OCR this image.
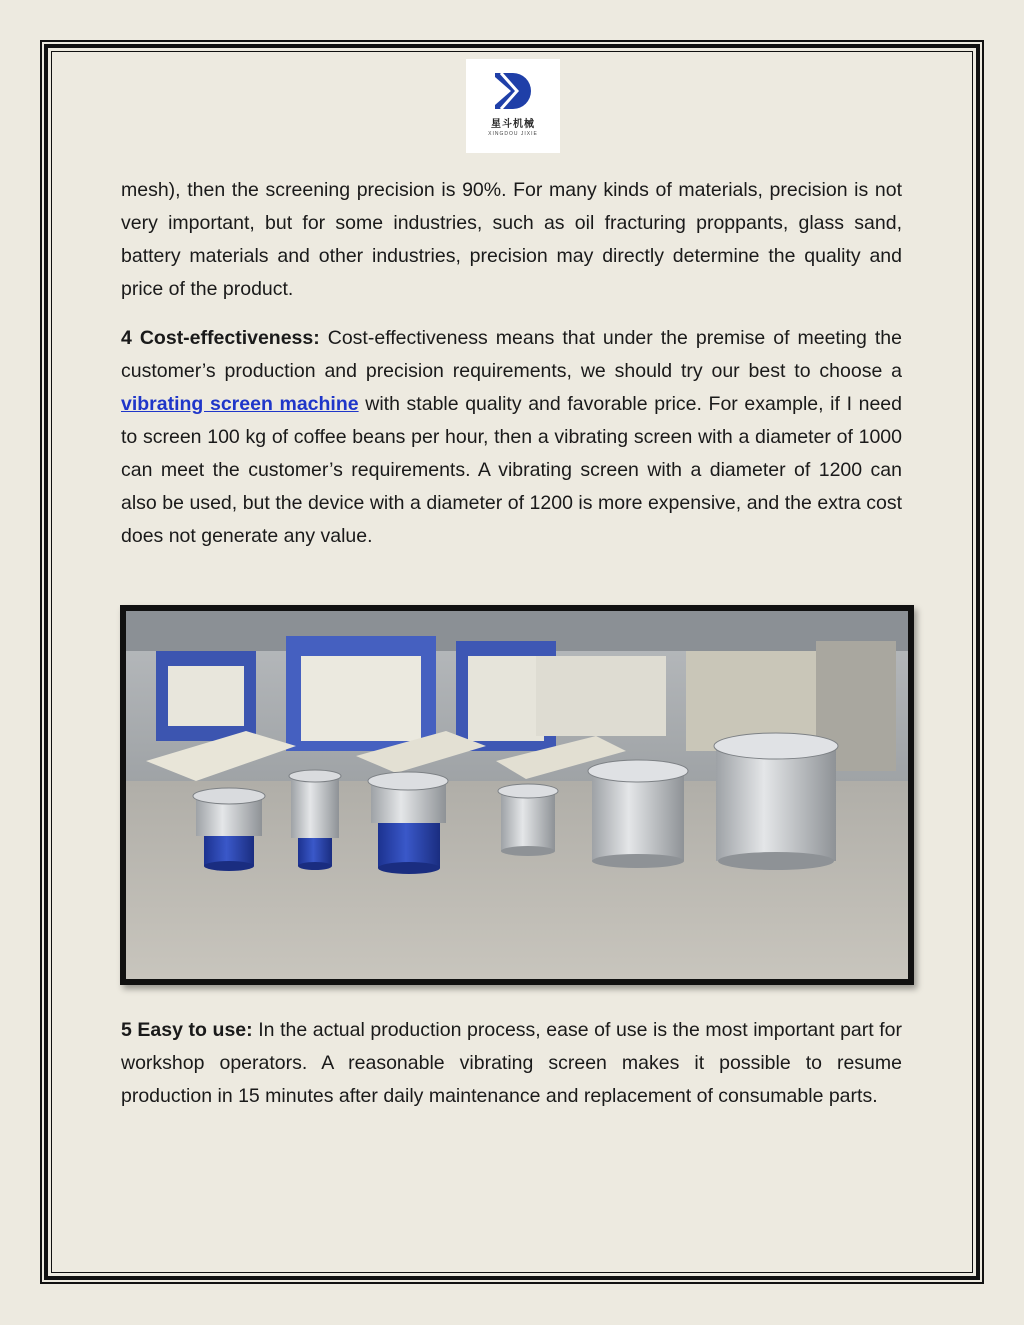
星斗机械
XINGDOU JIXIE

mesh), then the screening precision is 90%. For many kinds of materials, precision is not very important, but for some industries, such as oil fracturing proppants, glass sand, battery materials and other industries, precision may directly determine the quality and price of the product.

4 Cost-effectiveness: Cost-effectiveness means that under the premise of meeting the customer’s production and precision requirements, we should try our best to choose a vibrating screen machine with stable quality and favorable price. For example, if I need to screen 100 kg of coffee beans per hour, then a vibrating screen with a diameter of 1000 can meet the customer’s requirements. A vibrating screen with a diameter of 1200 can also be used, but the device with a diameter of 1200 is more expensive, and the extra cost does not generate any value.

5 Easy to use: In the actual production process, ease of use is the most important part for workshop operators. A reasonable vibrating screen makes it possible to resume production in 15 minutes after daily maintenance and replacement of consumable parts.
